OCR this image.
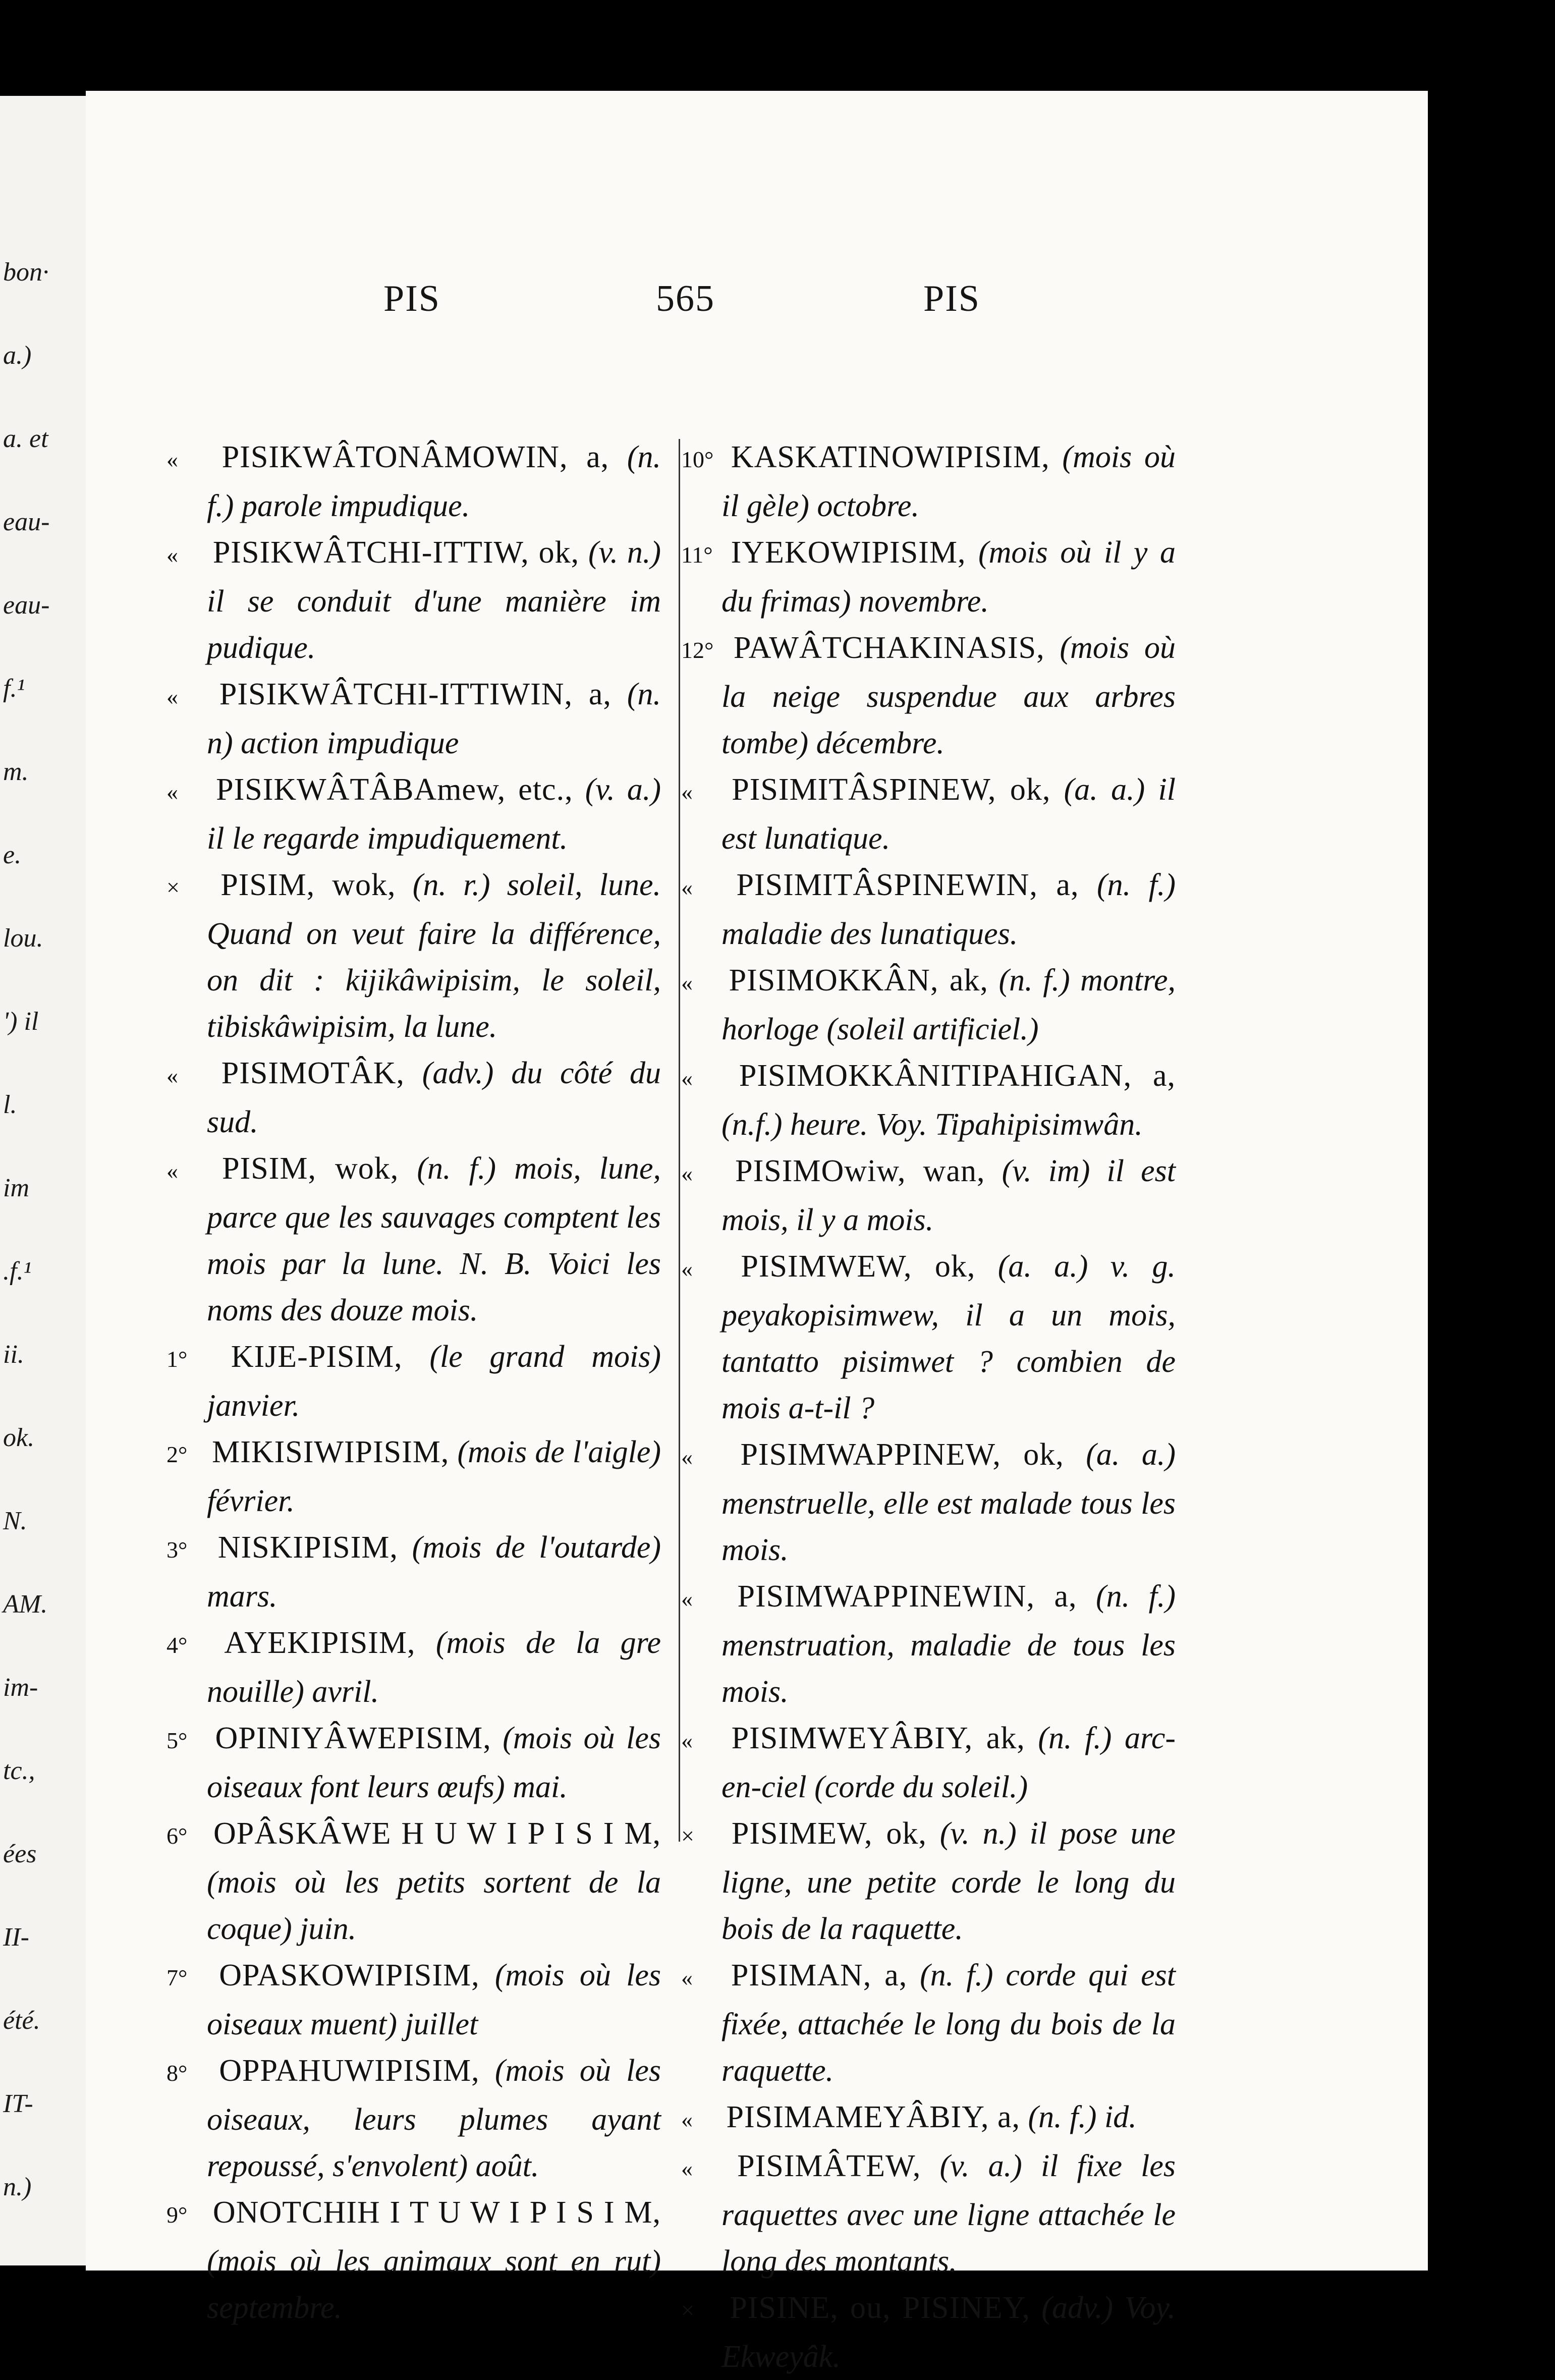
bon·
a.)
a. et
eau-
eau-
f.¹
m.
e.
lou.
') il
l.
im
.f.¹
ii.
ok.
N.
AM.
im-
tc.,
ées
II-
été.
IT-
n.)
PIS	565	PIS

« PISIKWÂTONÂMOWIN, a, (n. f.) parole impudique.

« PISIKWÂTCHI-ITTIW, ok, (v. n.) il se conduit d'une manière im pudique.

« PISIKWÂTCHI-ITTIWIN, a, (n. n) action impudique

« PISIKWÂTÂBAmew, etc., (v. a.) il le regarde impudiquement.

× PISIM, wok, (n. r.) soleil, lune. Quand on veut faire la différence, on dit : kijikâwipisim, le soleil, tibiskâwipisim, la lune.

« PISIMOTÂK, (adv.) du côté du sud.

« PISIM, wok, (n. f.) mois, lune, parce que les sauvages comptent les mois par la lune. N. B. Voici les noms des douze mois.

1° KIJE-PISIM, (le grand mois) janvier.

2° MIKISIWIPISIM, (mois de l'aigle) février.

3° NISKIPISIM, (mois de l'outarde) mars.

4° AYEKIPISIM, (mois de la gre nouille) avril.

5° OPINIYÂWEPISIM, (mois où les oiseaux font leurs œufs) mai.

6° OPÂSKÂWE H U W I P I S I M, (mois où les petits sortent de la coque) juin.

7° OPASKOWIPISIM, (mois où les oiseaux muent) juillet

8° OPPAHUWIPISIM, (mois où les oiseaux, leurs plumes ayant repoussé, s'envolent) août.

9° ONOTCHIH I T U W I P I S I M, (mois où les animaux sont en rut) septembre.

10° KASKATINOWIPISIM, (mois où il gèle) octobre.

11° IYEKOWIPISIM, (mois où il y a du frimas) novembre.

12° PAWÂTCHAKINASIS, (mois où la neige suspendue aux arbres tombe) décembre.

« PISIMITÂSPINEW, ok, (a. a.) il est lunatique.

« PISIMITÂSPINEWIN, a, (n. f.) maladie des lunatiques.

« PISIMOKKÂN, ak, (n. f.) montre, horloge (soleil artificiel.)

« PISIMOKKÂNITIPAHIGAN, a, (n.f.) heure. Voy. Tipahipisimwân.

« PISIMOwiw, wan, (v. im) il est mois, il y a mois.

« PISIMWEW, ok, (a. a.) v. g. peyakopisimwew, il a un mois, tantatto pisimwet ? combien de mois a-t-il ?

« PISIMWAPPINEW, ok, (a. a.) menstruelle, elle est malade tous les mois.

« PISIMWAPPINEWIN, a, (n. f.) menstruation, maladie de tous les mois.

« PISIMWEYÂBIY, ak, (n. f.) arc-en-ciel (corde du soleil.)

× PISIMEW, ok, (v. n.) il pose une ligne, une petite corde le long du bois de la raquette.

« PISIMAN, a, (n. f.) corde qui est fixée, attachée le long du bois de la raquette.

« PISIMAMEYÂBIY, a, (n. f.) id.

« PISIMÂTEW, (v. a.) il fixe les raquettes avec une ligne attachée le long des montants.

× PISINE, ou, PISINEY, (adv.) Voy. Ekweyâk.
